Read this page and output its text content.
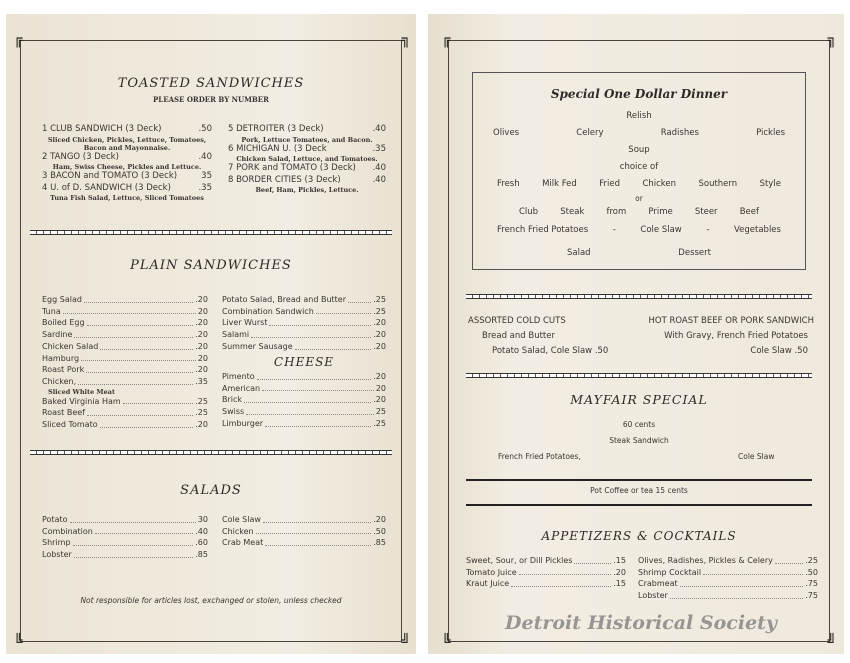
╔	╗
╚	╝
TOASTED SANDWICHES
PLEASE ORDER BY NUMBER
1 CLUB SANDWICH (3 Deck)	.50
Sliced Chicken, Pickles, Lettuce, Tomatoes, Bacon and Mayonnaise.
2 TANGO (3 Deck)	.40
Ham, Swiss Cheese, Pickles and Lettuce.
3 BACON and TOMATO (3 Deck)	35
4 U. of D. SANDWICH (3 Deck)	.35
Tuna Fish Salad, Lettuce, Sliced Tomatoes
5 DETROITER (3 Deck)	.40
Pork, Lettuce Tomatoes, and Bacon.
6 MICHIGAN U. (3 Deck	.35
Chicken Salad, Lettuce, and Tomatoes.
7 PORK and TOMATO (3 Deck) .40
8 BORDER CITIES (3 Deck)	.40
Beef, Ham, Pickles, Lettuce.
PLAIN SANDWICHES
Egg Salad	.20
Tuna	20
Boiled Egg	.20
Sardine	.20
Chicken Salad	.20
Hamburg	20
Roast Pork	.20
Chicken,	.35
Sliced White Meat
Baked Virginia Ham	.25
Roast Beef	.25
Sliced Tomato	.20
Potato Salad, Bread and Butter	.25
Combination Sandwich	.25
Liver Wurst	.20
Salami	.20
Summer Sausage	.20
CHEESE
Pimento	.20
American	20
Brick	.20
Swiss	25
Limburger	.25
SALADS
Potato	30
Combination	.40
Shrimp	.60
Lobster	.85
Cole Slaw	.20
Chicken	.50
Crab Meat	.85
Not responsible for articles lost, exchanged or stolen, unless checked
╔	╗
╚	╝
Special One Dollar Dinner
Relish
Olives	Celery	Radishes	Pickles
Soup
choice of
Fresh	Milk Fed	Fried	Chicken	Southern	Style
or
Club	Steak	from	Prime	Steer	Beef
French Fried Potatoes	-	Cole Slaw	-	Vegetables
Salad	Dessert
ASSORTED COLD CUTS
Bread and Butter
Potato Salad, Cole Slaw .50
HOT ROAST BEEF OR PORK SANDWICH
With Gravy, French Fried Potatoes
Cole Slaw .50
MAYFAIR SPECIAL
60 cents
Steak Sandwich
French Fried Potatoes,	Cole Slaw
Pot Coffee or tea 15 cents
APPETIZERS & COCKTAILS
Sweet, Sour, or Dill Pickles	.15
Tomato Juice	.20
Kraut Juice	.15
Olives, Radishes, Pickles & Celery	.25
Shrimp Cocktail	.50
Crabmeat	.75
Lobster	.75
Detroit Historical Society
